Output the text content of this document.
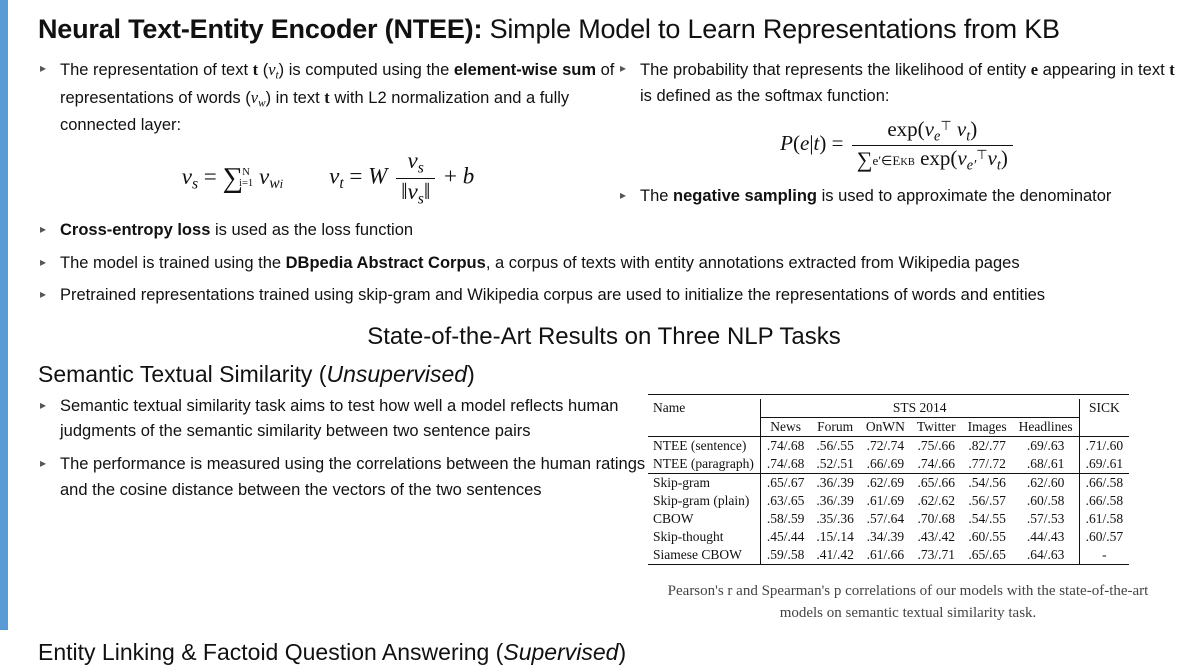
Neural Text-Entity Encoder (NTEE): Simple Model to Learn Representations from KB
▸ The representation of text t $(v_t)$ is computed using the element-wise sum of representations of words $(v_w)$ in text t with L2 normalization and a fully connected layer:
$v_s$ = ∑ N
i=1 $v_{wi}$ $v_t = W \frac{v_s}{‖v_s‖} + b$
▸ The probability that represents the likelihood of entity e appearing in text t is defined as the softmax function:
$P(e|t) = \frac{\exp(v_e^⊤ v_t)}{\sum e'\in EKB \exp(v_{e'}^⊤v_t)}$
▸ The negative sampling is used to approximate the denominator
▸ Cross-entropy loss is used as the loss function
▸ The model is trained using the DBpedia Abstract Corpus, a corpus of texts with entity annotations extracted from Wikipedia pages
▸ Pretrained representations trained using skip-gram and Wikipedia corpus are used to initialize the representations of words and entities
State-of-the-Art Results on Three NLP Tasks
Semantic Textual Similarity (Unsupervised)
▸ Semantic textual similarity task aims to test how well a model reflects human judgments of the semantic similarity between two sentence pairs
▸ The performance is measured using the correlations between the human ratings and the cosine distance between the vectors of the two sentences
Name	STS 2014						SICK
	News	Forum	OnWN	Twitter	Images	Headlines	
NTEE (sentence)	.74/.68	.56/.55	.72/.74	.75/.66	.82/.77	.69/.63	.71/.60
NTEE (paragraph)	.74/.68	.52/.51	.66/.69	.74/.66	.77/.72	.68/.61	.69/.61
Skip-gram	.65/.67	.36/.39	.62/.69	.65/.66	.54/.56	.62/.60	.66/.58
Skip-gram (plain)	.63/.65	.36/.39	.61/.69	.62/.62	.56/.57	.60/.58	.66/.58
CBOW	.58/.59	.35/.36	.57/.64	.70/.68	.54/.55	.57/.53	.61/.58
Skip-thought	.45/.44	.15/.14	.34/.39	.43/.42	.60/.55	.44/.43	.60/.57
Siamese CBOW	.59/.58	.41/.42	.61/.66	.73/.71	.65/.65	.64/.63	-
Pearson's r and Spearman's p correlations of our models with the state-of-the-art models on semantic textual similarity task.
Entity Linking & Factoid Question Answering (Supervised)
